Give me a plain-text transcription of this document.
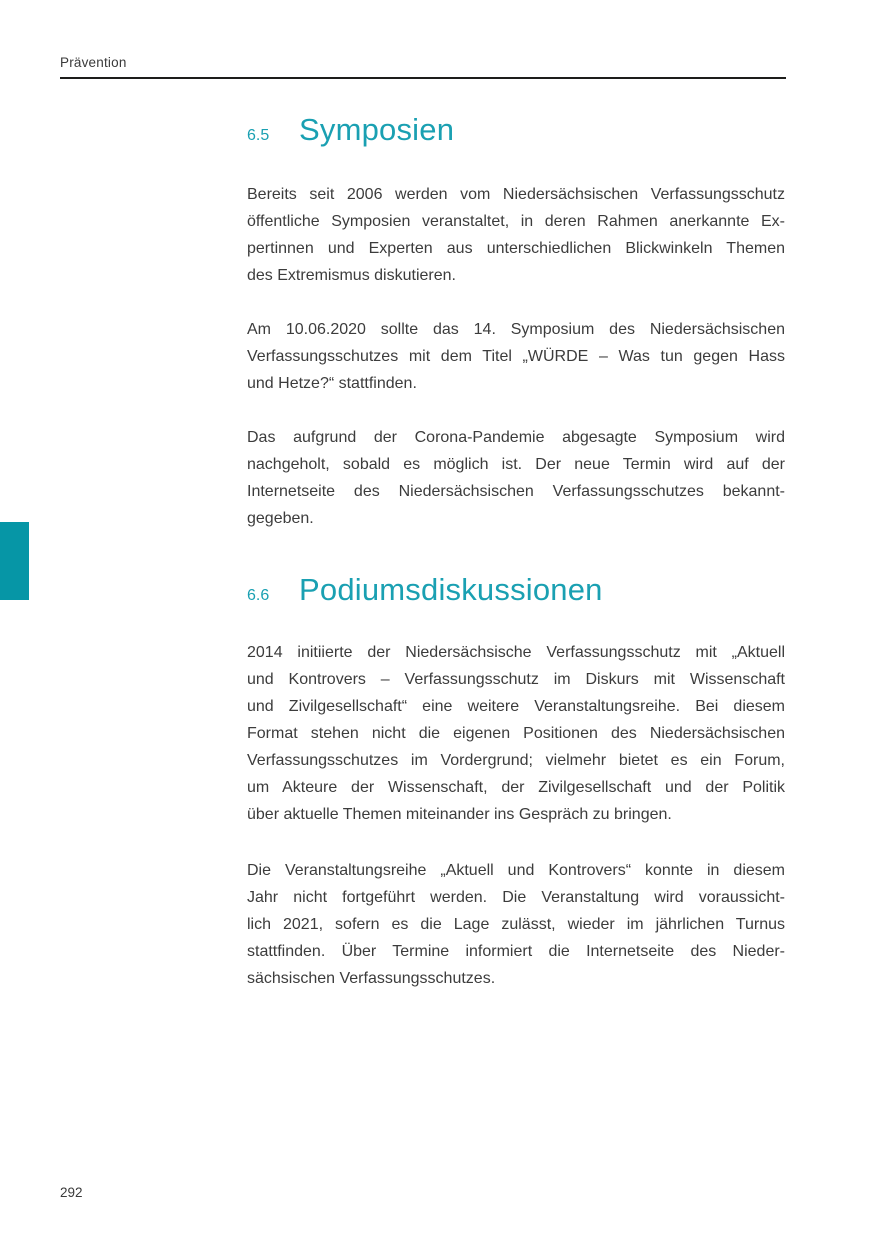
Prävention
6.5 Symposien
Bereits seit 2006 werden vom Niedersächsischen Verfassungsschutz
öffentliche Symposien veranstaltet, in deren Rahmen anerkannte Ex-
pertinnen und Experten aus unterschiedlichen Blickwinkeln Themen
des Extremismus diskutieren.
Am 10.06.2020 sollte das 14. Symposium des Niedersächsischen
Verfassungsschutzes mit dem Titel „WÜRDE – Was tun gegen Hass
und Hetze?“ stattfinden.
Das aufgrund der Corona-Pandemie abgesagte Symposium wird
nachgeholt, sobald es möglich ist. Der neue Termin wird auf der
Internetseite des Niedersächsischen Verfassungsschutzes bekannt-
gegeben.
6.6 Podiumsdiskussionen
2014 initiierte der Niedersächsische Verfassungsschutz mit „Aktuell
und Kontrovers – Verfassungsschutz im Diskurs mit Wissenschaft
und Zivilgesellschaft“ eine weitere Veranstaltungsreihe. Bei diesem
Format stehen nicht die eigenen Positionen des Niedersächsischen
Verfassungsschutzes im Vordergrund; vielmehr bietet es ein Forum,
um Akteure der Wissenschaft, der Zivilgesellschaft und der Politik
über aktuelle Themen miteinander ins Gespräch zu bringen.
Die Veranstaltungsreihe „Aktuell und Kontrovers“ konnte in diesem
Jahr nicht fortgeführt werden. Die Veranstaltung wird voraussicht-
lich 2021, sofern es die Lage zulässt, wieder im jährlichen Turnus
stattfinden. Über Termine informiert die Internetseite des Nieder-
sächsischen Verfassungsschutzes.
292
